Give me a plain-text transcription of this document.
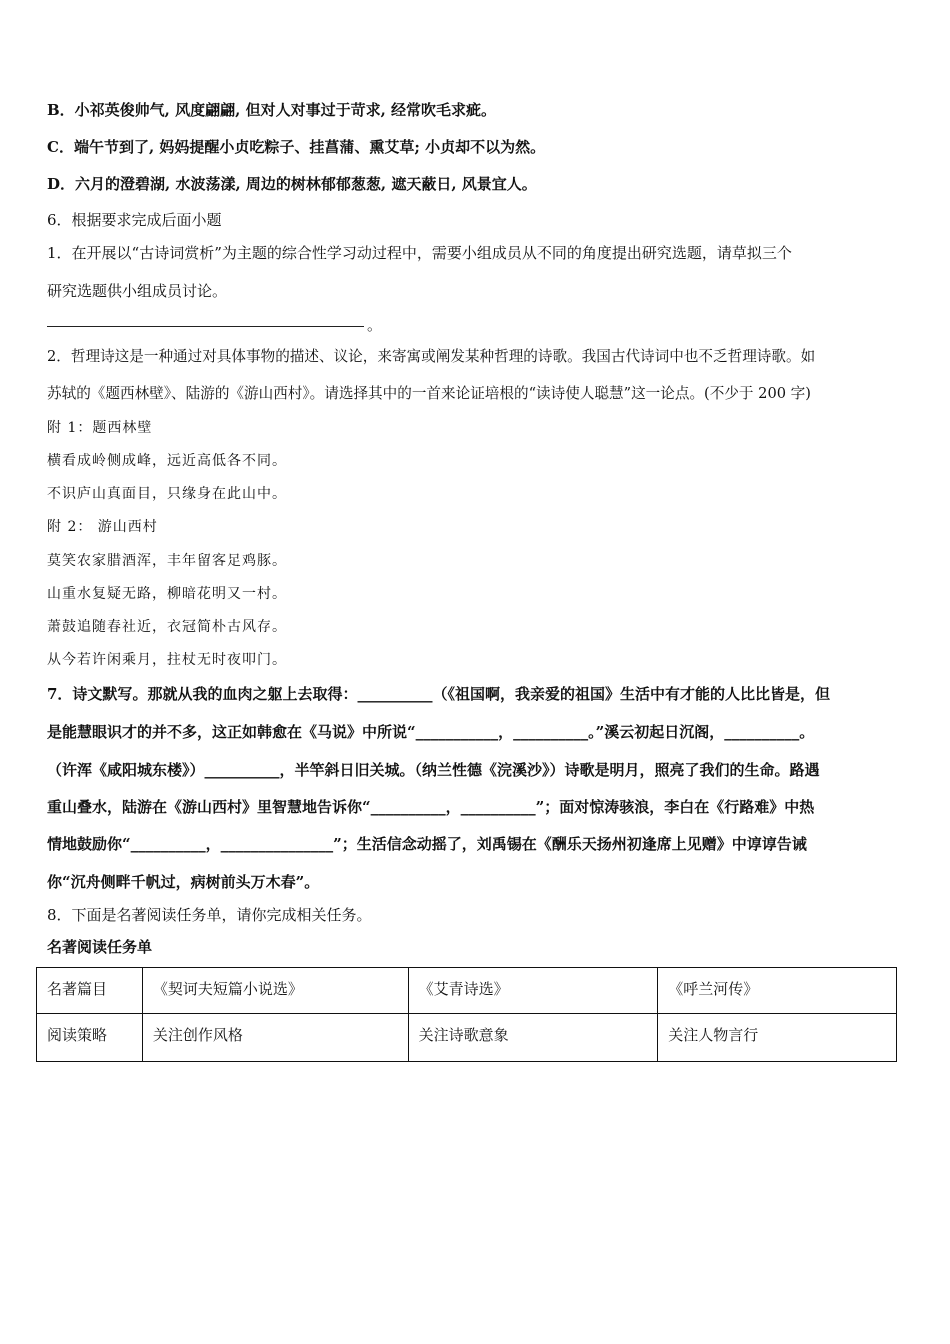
B．小祁英俊帅气, 风度翩翩, 但对人对事过于苛求, 经常吹毛求疵。
C．端午节到了, 妈妈提醒小贞吃粽子、挂菖蒲、熏艾草; 小贞却不以为然。
D．六月的澄碧湖, 水波荡漾, 周边的树林郁郁葱葱, 遮天蔽日, 风景宜人。
6．根据要求完成后面小题
1．在开展以“古诗词赏析”为主题的综合性学习动过程中，需要小组成员从不同的角度提出研究选题，请草拟三个
研究选题供小组成员讨论。
。
2．哲理诗这是一种通过对具体事物的描述、议论，来寄寓或阐发某种哲理的诗歌。我国古代诗词中也不乏哲理诗歌。如
苏轼的《题西林壁》、陆游的《游山西村》。请选择其中的一首来论证培根的“读诗使人聪慧”这一论点。(不少于 200 字)
附 1：题西林壁
横看成岭侧成峰，远近高低各不同。
不识庐山真面目，只缘身在此山中。
附 2： 游山西村
莫笑农家腊酒浑，丰年留客足鸡豚。
山重水复疑无路，柳暗花明又一村。
萧鼓追随春社近，衣冠简朴古风存。
从今若许闲乘月，拄杖无时夜叩门。
7．诗文默写。那就从我的血肉之躯上去取得：__________（《祖国啊，我亲爱的祖国》生活中有才能的人比比皆是，但
是能慧眼识才的并不多，这正如韩愈在《马说》中所说“___________，__________。”溪云初起日沉阁，__________。
（许浑《咸阳城东楼》）__________，半竿斜日旧关城。（纳兰性德《浣溪沙》）诗歌是明月，照亮了我们的生命。路遇
重山叠水，陆游在《游山西村》里智慧地告诉你“__________，__________”；面对惊涛骇浪，李白在《行路难》中热
情地鼓励你“__________，_______________”；生活信念动摇了，刘禹锡在《酬乐天扬州初逢席上见赠》中谆谆告诫
你“沉舟侧畔千帆过，病树前头万木春”。
8．下面是名著阅读任务单，请你完成相关任务。
名著阅读任务单
名著篇目	《契诃夫短篇小说选》	《艾青诗选》	《呼兰河传》
阅读策略	关注创作风格	关注诗歌意象	关注人物言行
